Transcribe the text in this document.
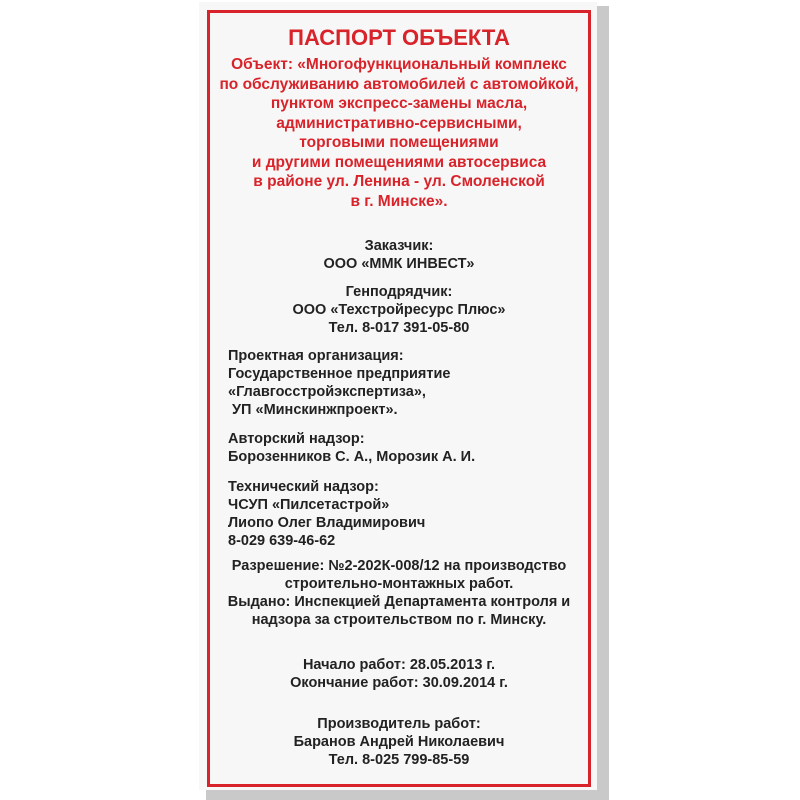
ПАСПОРТ ОБЪЕКТА
Объект: «Многофункциональный комплекс
по обслуживанию автомобилей с автомойкой,
пунктом экспресс-замены масла,
административно-сервисными,
торговыми помещениями
и другими помещениями автосервиса
в районе ул. Ленина - ул. Смоленской
в г. Минске».
Заказчик:
ООО «ММК ИНВЕСТ»
Генподрядчик:
ООО «Техстройресурс Плюс»
Тел. 8-017 391-05-80
Проектная организация:
Государственное предприятие
«Главгосстройэкспертиза»,
УП «Минскинжпроект».
Авторский надзор:
Борозенников С. А., Морозик А. И.
Технический надзор:
ЧСУП «Пилсетастрой»
Лиопо Олег Владимирович
8-029 639-46-62
Разрешение: №2-202К-008/12 на производство
строительно-монтажных работ.
Выдано: Инспекцией Департамента контроля и
надзора за строительством по г. Минску.
Начало работ: 28.05.2013 г.
Окончание работ: 30.09.2014 г.
Производитель работ:
Баранов Андрей Николаевич
Тел. 8-025 799-85-59
